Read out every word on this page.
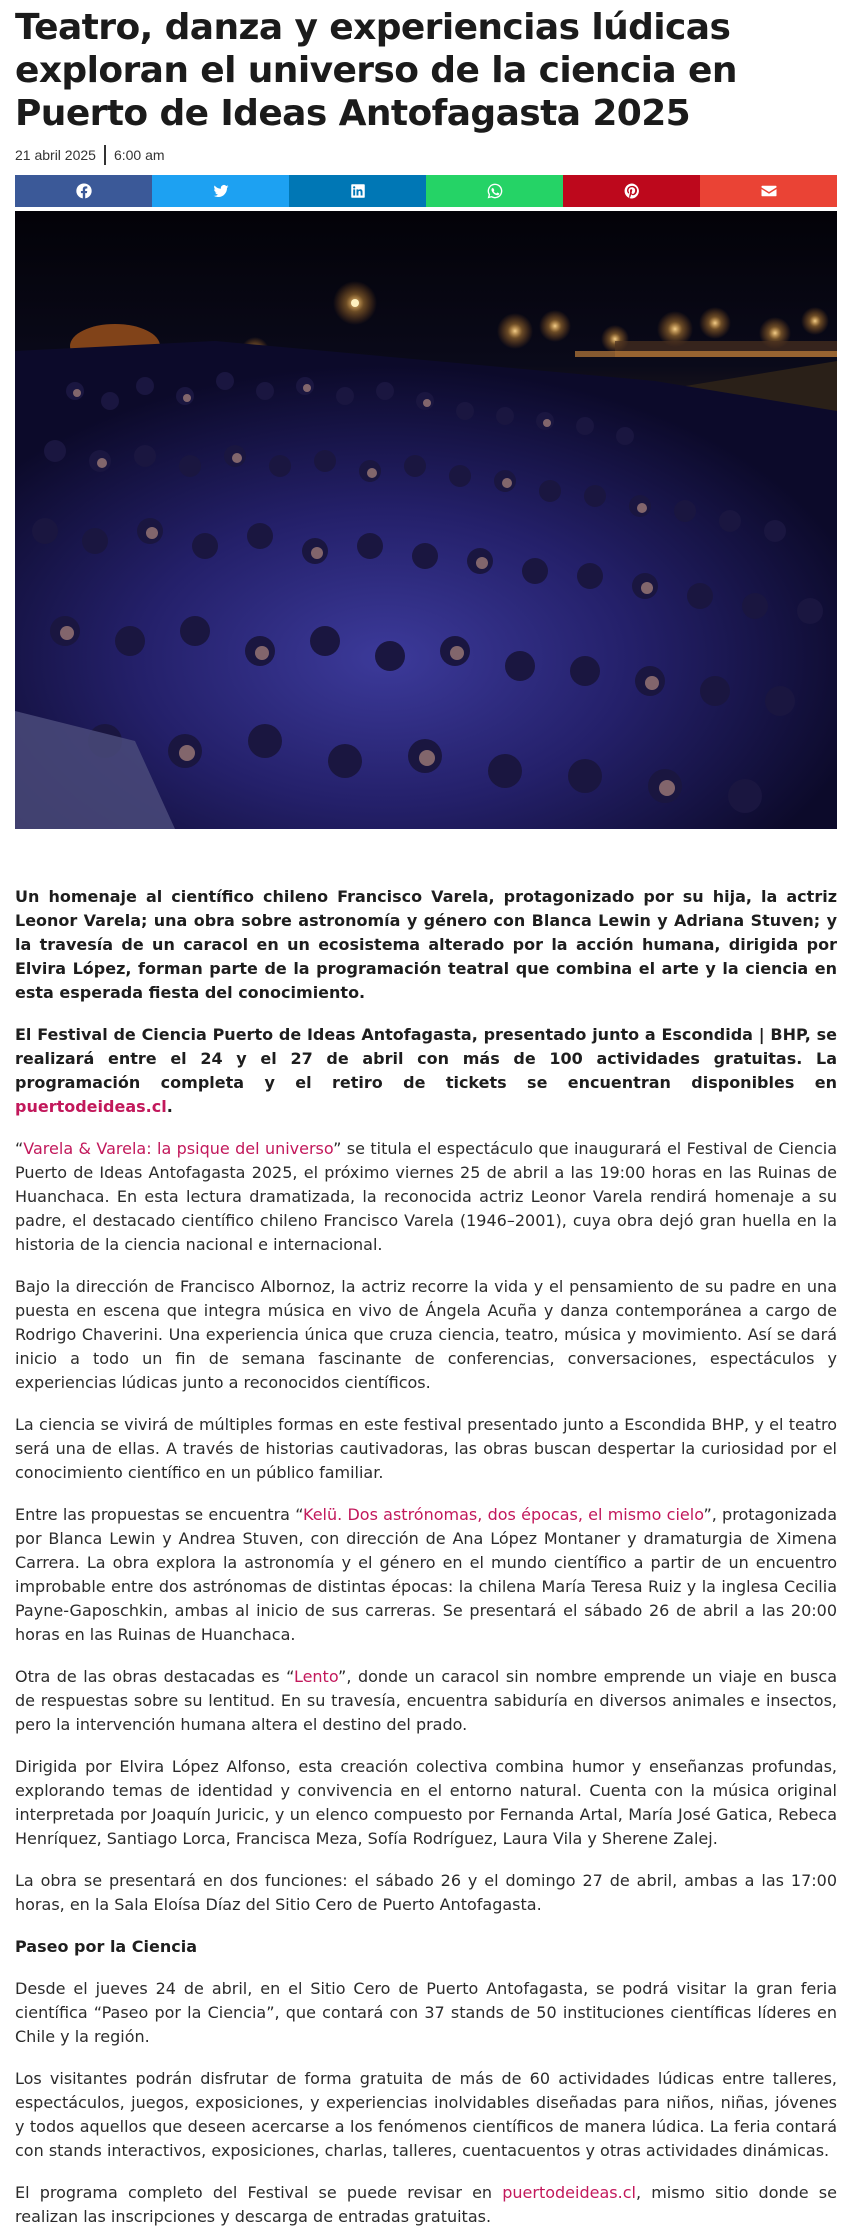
Teatro, danza y experiencias lúdicas exploran el universo de la ciencia en Puerto de Ideas Antofagasta 2025
21 abril 2025 6:00 am

Un homenaje al científico chileno Francisco Varela, protagonizado por su hija, la actriz Leonor Varela; una obra sobre astronomía y género con Blanca Lewin y Adriana Stuven; y la travesía de un caracol en un ecosistema alterado por la acción humana, dirigida por Elvira López, forman parte de la programación teatral que combina el arte y la ciencia en esta esperada fiesta del conocimiento.

El Festival de Ciencia Puerto de Ideas Antofagasta, presentado junto a Escondida | BHP, se realizará entre el 24 y el 27 de abril con más de 100 actividades gratuitas. La programación completa y el retiro de tickets se encuentran disponibles en puertodeideas.cl.

“Varela & Varela: la psique del universo” se titula el espectáculo que inaugurará el Festival de Ciencia Puerto de Ideas Antofagasta 2025, el próximo viernes 25 de abril a las 19:00 horas en las Ruinas de Huanchaca. En esta lectura dramatizada, la reconocida actriz Leonor Varela rendirá homenaje a su padre, el destacado científico chileno Francisco Varela (1946–2001), cuya obra dejó gran huella en la historia de la ciencia nacional e internacional.

Bajo la dirección de Francisco Albornoz, la actriz recorre la vida y el pensamiento de su padre en una puesta en escena que integra música en vivo de Ángela Acuña y danza contemporánea a cargo de Rodrigo Chaverini. Una experiencia única que cruza ciencia, teatro, música y movimiento. Así se dará inicio a todo un fin de semana fascinante de conferencias, conversaciones, espectáculos y experiencias lúdicas junto a reconocidos científicos.

La ciencia se vivirá de múltiples formas en este festival presentado junto a Escondida BHP, y el teatro será una de ellas. A través de historias cautivadoras, las obras buscan despertar la curiosidad por el conocimiento científico en un público familiar.

Entre las propuestas se encuentra “Kelü. Dos astrónomas, dos épocas, el mismo cielo”, protagonizada por Blanca Lewin y Andrea Stuven, con dirección de Ana López Montaner y dramaturgia de Ximena Carrera. La obra explora la astronomía y el género en el mundo científico a partir de un encuentro improbable entre dos astrónomas de distintas épocas: la chilena María Teresa Ruiz y la inglesa Cecilia Payne-Gaposchkin, ambas al inicio de sus carreras. Se presentará el sábado 26 de abril a las 20:00 horas en las Ruinas de Huanchaca.

Otra de las obras destacadas es “Lento”, donde un caracol sin nombre emprende un viaje en busca de respuestas sobre su lentitud. En su travesía, encuentra sabiduría en diversos animales e insectos, pero la intervención humana altera el destino del prado.

Dirigida por Elvira López Alfonso, esta creación colectiva combina humor y enseñanzas profundas, explorando temas de identidad y convivencia en el entorno natural. Cuenta con la música original interpretada por Joaquín Juricic, y un elenco compuesto por Fernanda Artal, María José Gatica, Rebeca Henríquez, Santiago Lorca, Francisca Meza, Sofía Rodríguez, Laura Vila y Sherene Zalej.

La obra se presentará en dos funciones: el sábado 26 y el domingo 27 de abril, ambas a las 17:00 horas, en la Sala Eloísa Díaz del Sitio Cero de Puerto Antofagasta.

Paseo por la Ciencia

Desde el jueves 24 de abril, en el Sitio Cero de Puerto Antofagasta, se podrá visitar la gran feria científica “Paseo por la Ciencia”, que contará con 37 stands de 50 instituciones científicas líderes en Chile y la región.

Los visitantes podrán disfrutar de forma gratuita de más de 60 actividades lúdicas entre talleres, espectáculos, juegos, exposiciones, y experiencias inolvidables diseñadas para niños, niñas, jóvenes y todos aquellos que deseen acercarse a los fenómenos científicos de manera lúdica. La feria contará con stands interactivos, exposiciones, charlas, talleres, cuentacuentos y otras actividades dinámicas.

El programa completo del Festival se puede revisar en puertodeideas.cl, mismo sitio donde se realizan las inscripciones y descarga de entradas gratuitas.
